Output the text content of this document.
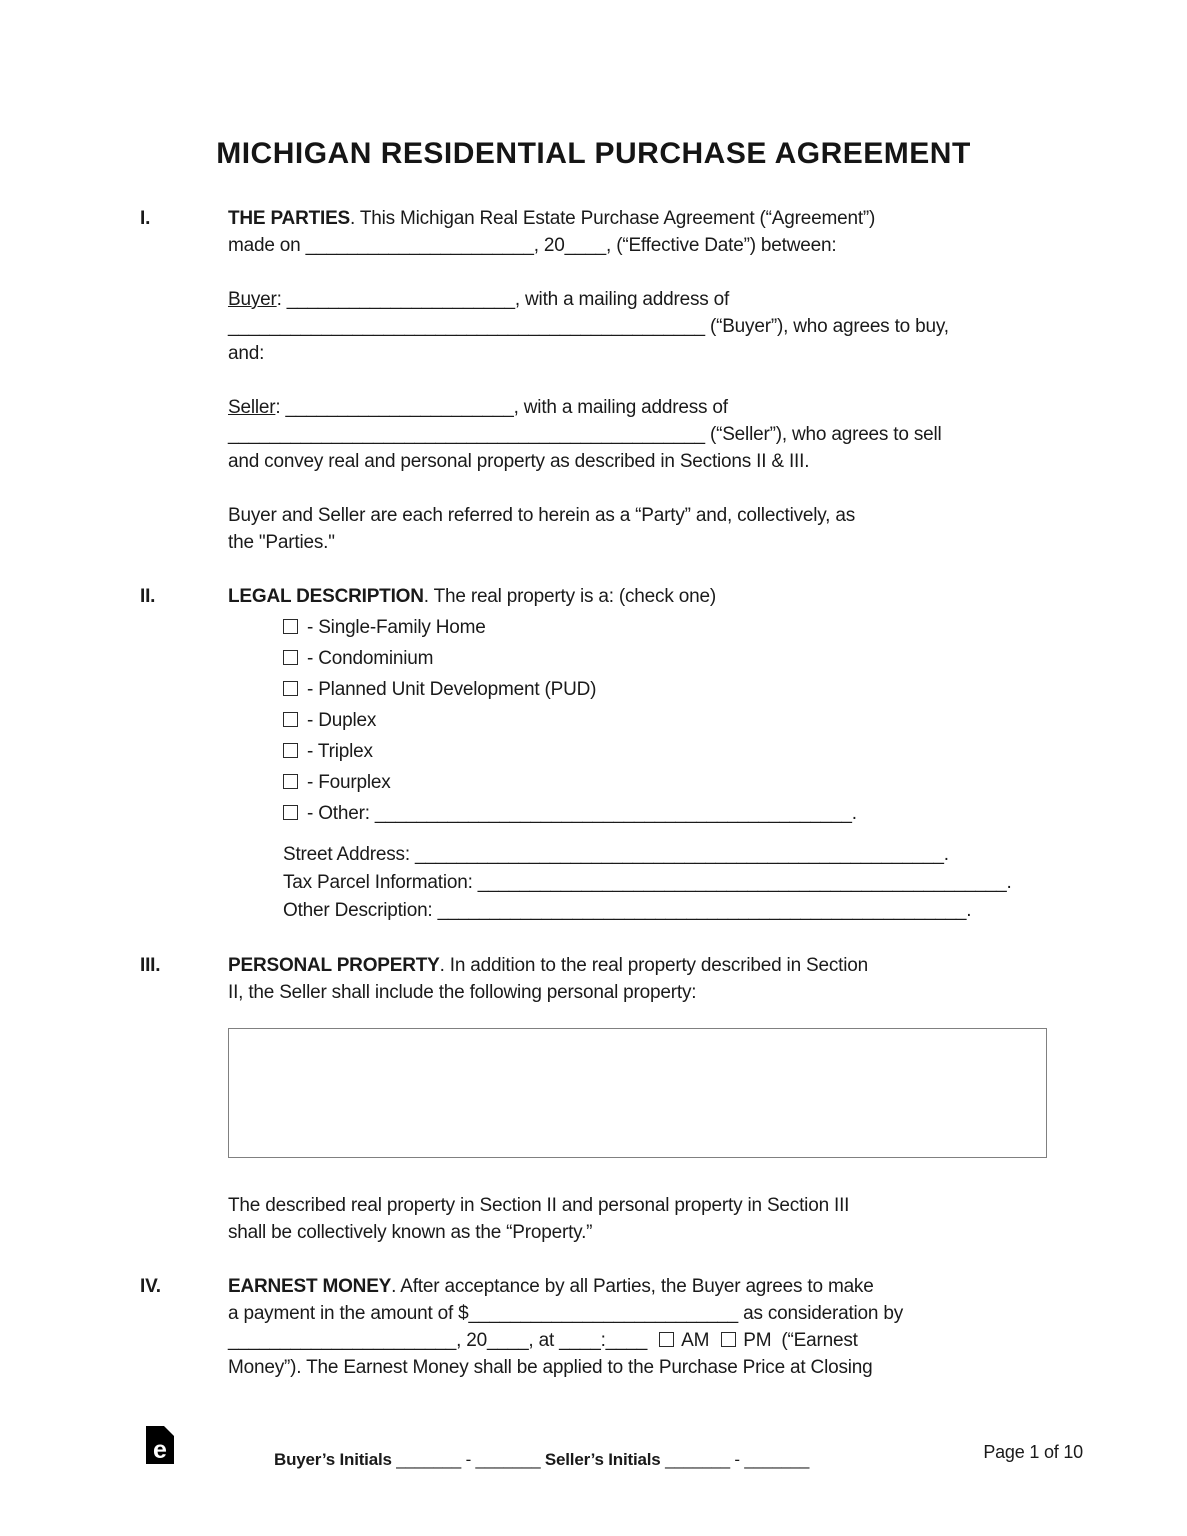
MICHIGAN RESIDENTIAL PURCHASE AGREEMENT
I.	THE PARTIES. This Michigan Real Estate Purchase Agreement (“Agreement”)
made on ______________________, 20____, (“Effective Date”) between:

Buyer: ______________________, with a mailing address of
______________________________________________ (“Buyer”), who agrees to buy,
and:

Seller: ______________________, with a mailing address of
______________________________________________ (“Seller”), who agrees to sell
and convey real and personal property as described in Sections II & III.

Buyer and Seller are each referred to herein as a “Party” and, collectively, as
the "Parties."

II.	LEGAL DESCRIPTION. The real property is a: (check one)
- Single-Family Home
- Condominium
- Planned Unit Development (PUD)
- Duplex
- Triplex
- Fourplex
- Other: ______________________________________________.
Street Address: ___________________________________________________.
Tax Parcel Information: ___________________________________________________.
Other Description: ___________________________________________________.
III.	PERSONAL PROPERTY. In addition to the real property described in Section
II, the Seller shall include the following personal property:

The described real property in Section II and personal property in Section III
shall be collectively known as the “Property.”

IV.	EARNEST MONEY. After acceptance by all Parties, the Buyer agrees to make
a payment in the amount of $__________________________ as consideration by
______________________, 20____, at ____:____ AM PM (“Earnest
Money”). The Earnest Money shall be applied to the Purchase Price at Closing
e	Buyer’s Initials _______ - _______ Seller’s Initials _______ - _______	Page 1 of 10
